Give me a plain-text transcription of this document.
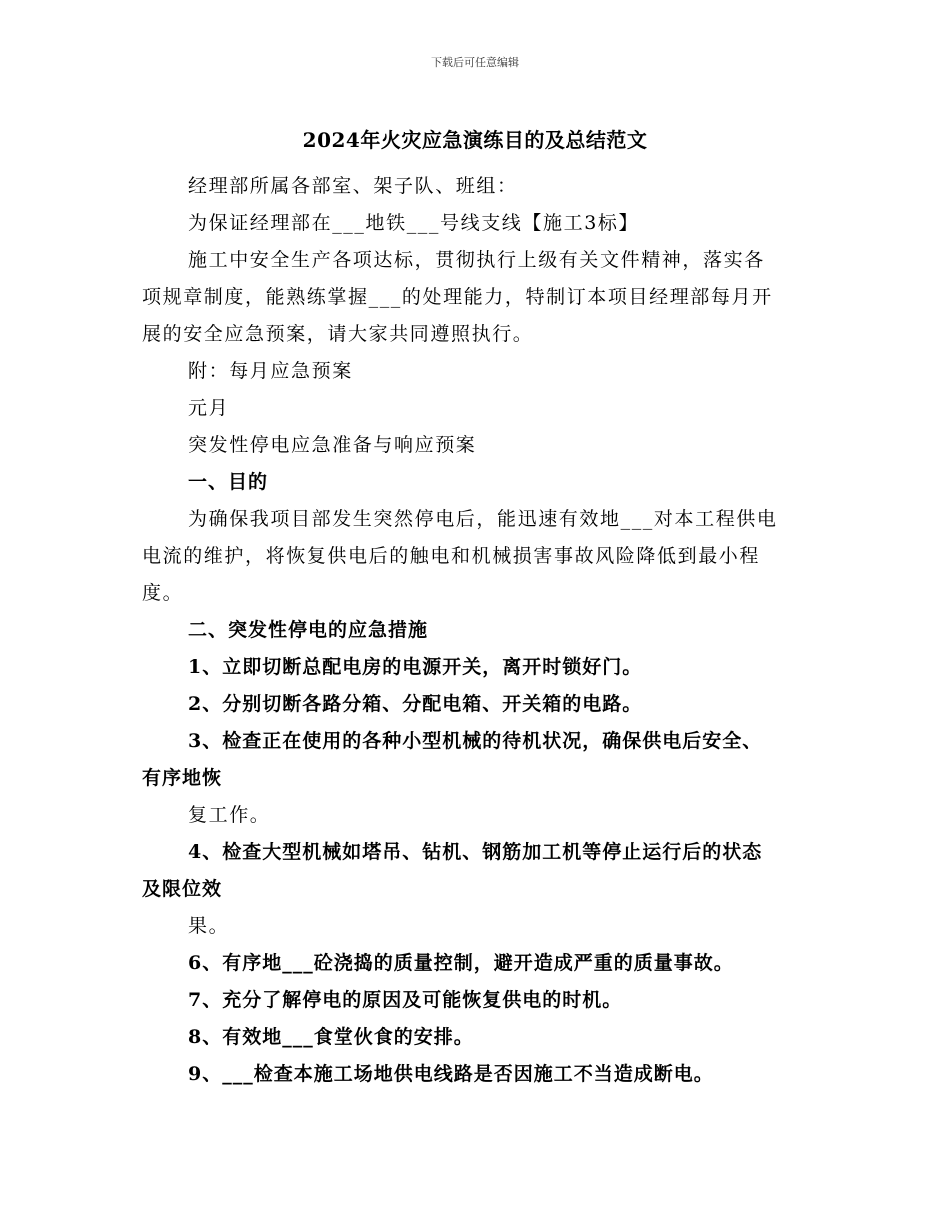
下载后可任意编辑
2024年火灾应急演练目的及总结范文

经理部所属各部室、架子队、班组：

为保证经理部在___地铁___号线支线【施工3标】

施工中安全生产各项达标，贯彻执行上级有关文件精神，落实各

项规章制度，能熟练掌握___的处理能力，特制订本项目经理部每月开

展的安全应急预案，请大家共同遵照执行。

附：每月应急预案

元月

突发性停电应急准备与响应预案

一、目的

为确保我项目部发生突然停电后，能迅速有效地___对本工程供电

电流的维护，将恢复供电后的触电和机械损害事故风险降低到最小程

度。

二、突发性停电的应急措施

1、立即切断总配电房的电源开关，离开时锁好门。

2、分别切断各路分箱、分配电箱、开关箱的电路。

3、检查正在使用的各种小型机械的待机状况，确保供电后安全、

有序地恢

复工作。

4、检查大型机械如塔吊、钻机、钢筋加工机等停止运行后的状态

及限位效

果。

6、有序地___砼浇捣的质量控制，避开造成严重的质量事故。

7、充分了解停电的原因及可能恢复供电的时机。

8、有效地___食堂伙食的安排。

9、___检查本施工场地供电线路是否因施工不当造成断电。
